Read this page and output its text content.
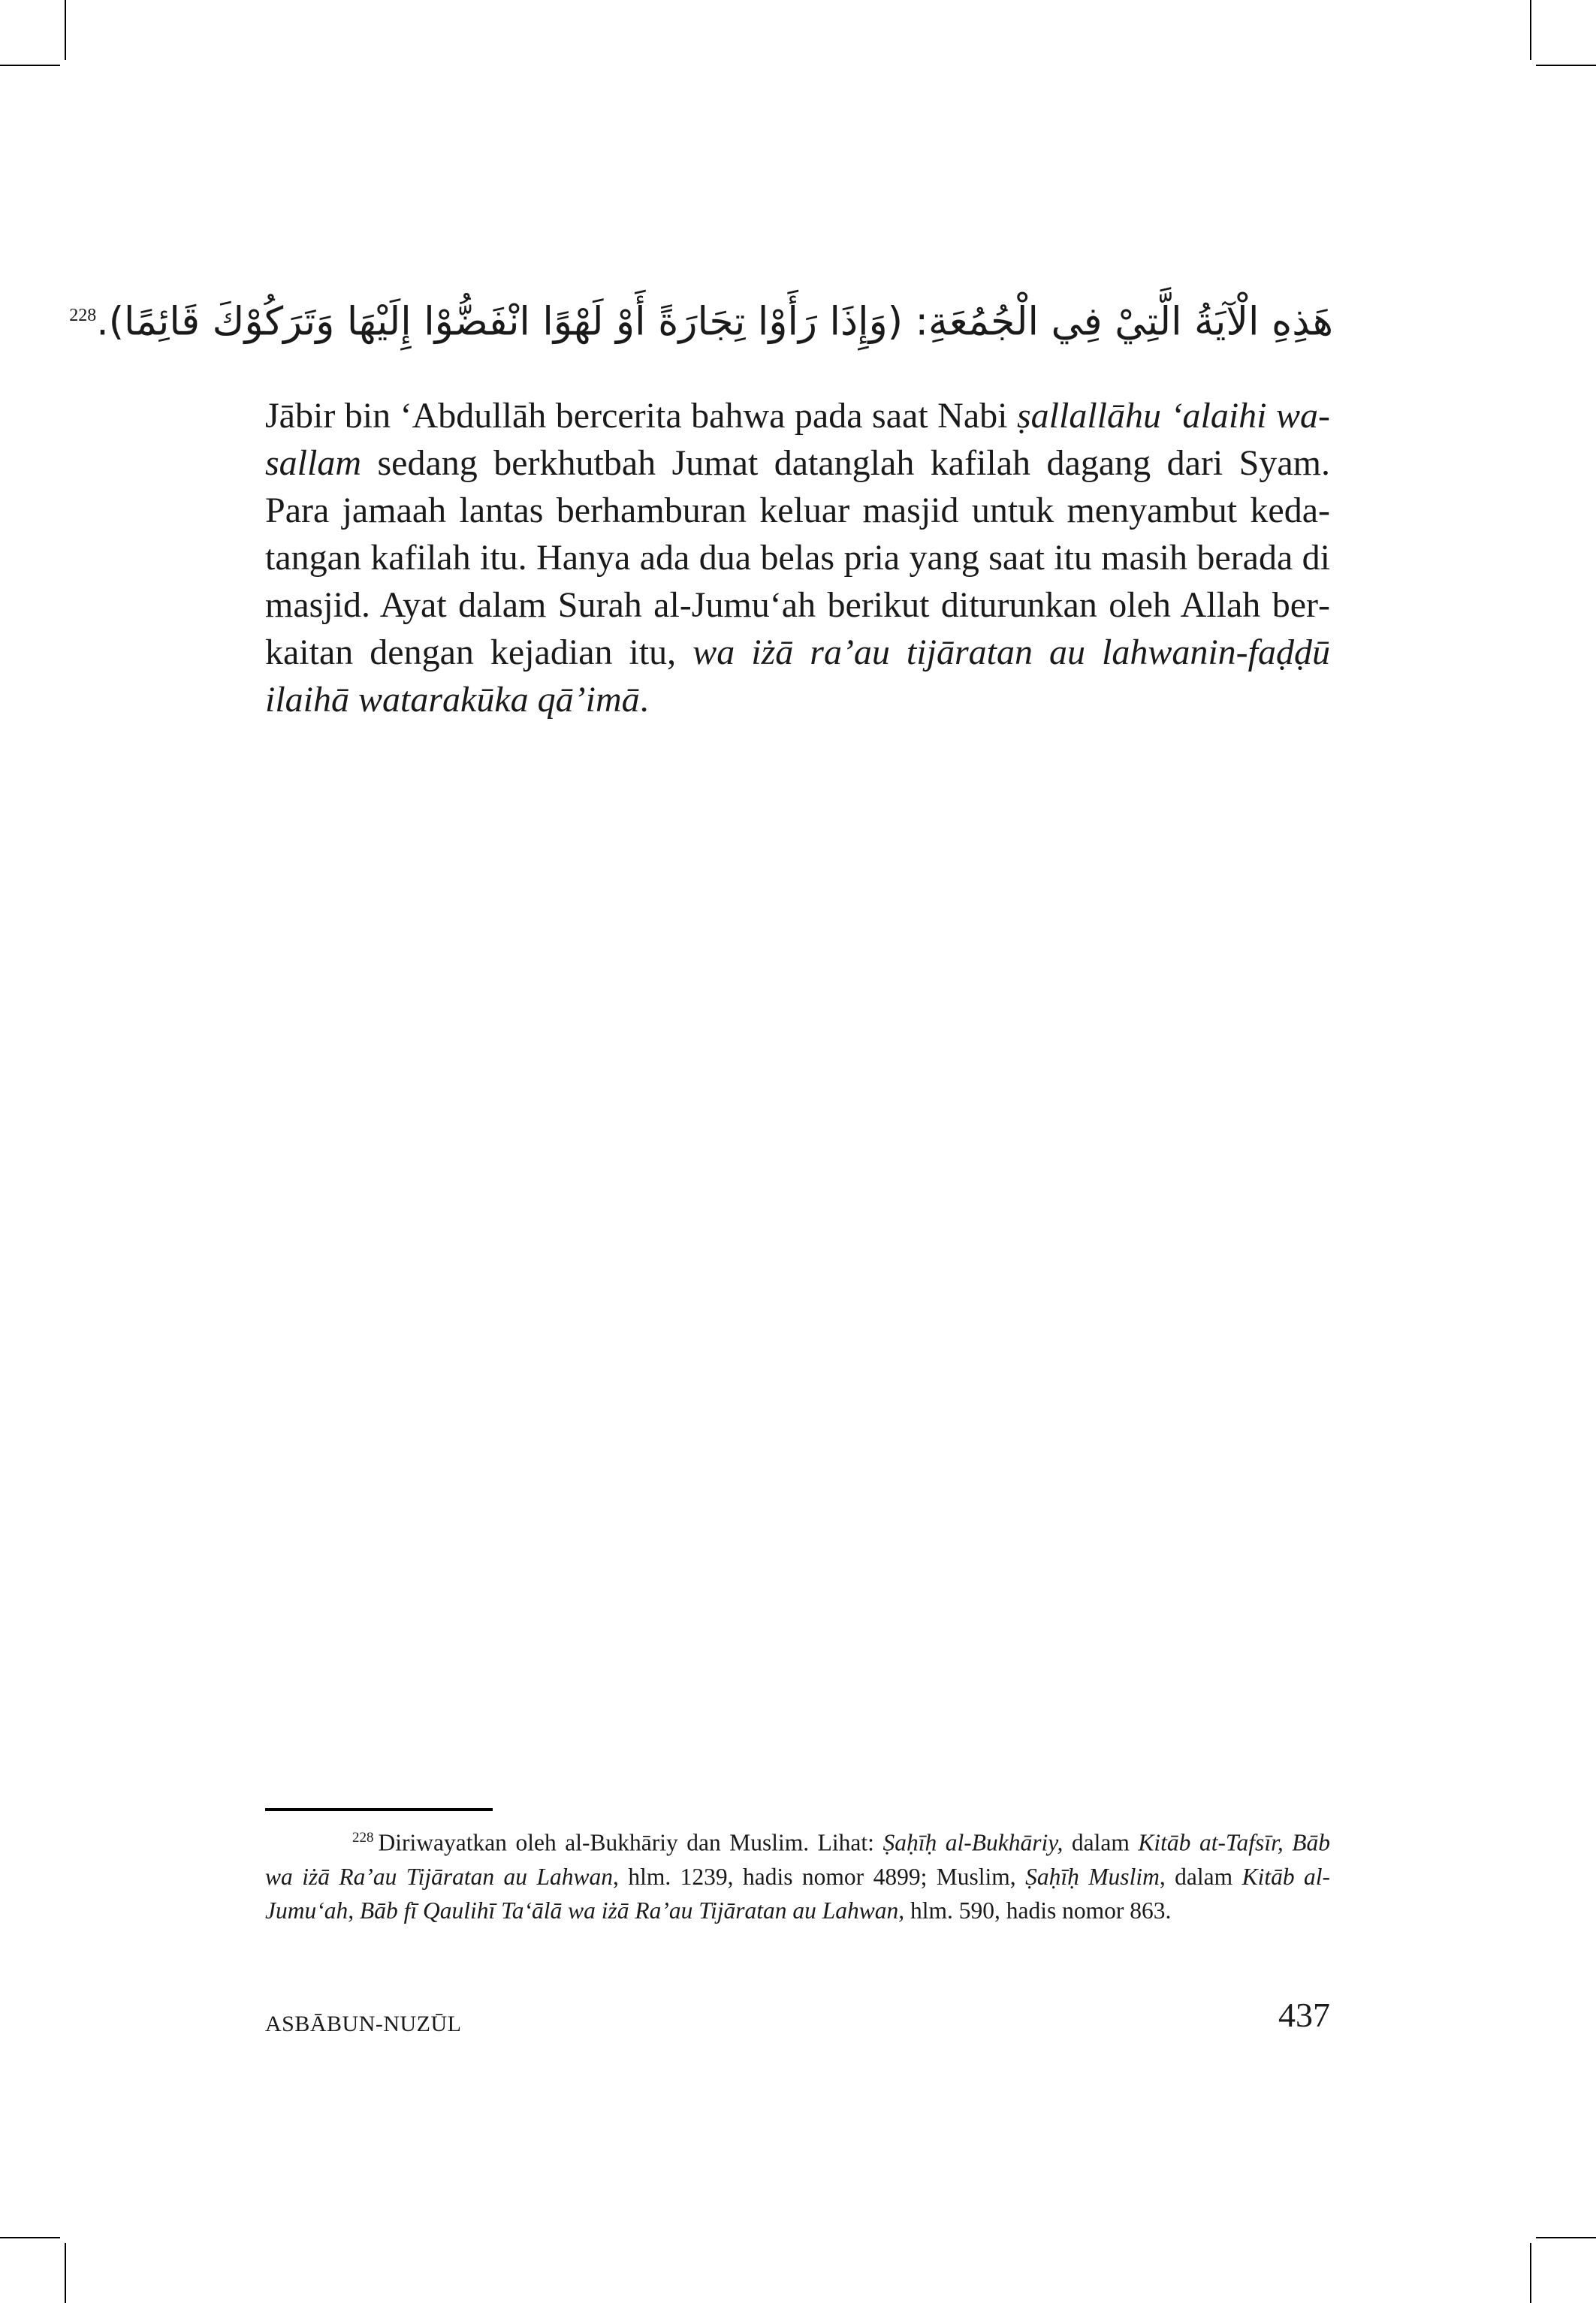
هَذِهِ الْآيَةُ الَّتِيْ فِي الْجُمُعَةِ: (وَإِذَا رَأَوْا تِجَارَةً أَوْ لَهْوًا انْفَضُّوْا إِلَيْهَا وَتَرَكُوْكَ قَائِمًا).$^{228}$

Jābir bin ‘Abdullāh bercerita bahwa pada saat Nabi ṣallallāhu ‘alaihi wa-sallam sedang berkhutbah Jumat datanglah kafilah dagang dari Syam. Para jamaah lantas berhamburan keluar masjid untuk menyambut kedatangan kafilah itu. Hanya ada dua belas pria yang saat itu masih berada di masjid. Ayat dalam Surah al-Jumu‘ah berikut diturunkan oleh Allah berkaitan dengan kejadian itu, wa iżā ra’au tijāratan au lahwanin-faḍḍū ilaihā watarakūka qā’imā.

$^{228}$ Diriwayatkan oleh al-Bukhāriy dan Muslim. Lihat: Ṣaḥīḥ al-Bukhāriy, dalam Kitāb at-Tafsīr, Bāb wa iżā Ra’au Tijāratan au Lahwan, hlm. 1239, hadis nomor 4899; Muslim, Ṣaḥīḥ Muslim, dalam Kitāb al-Jumu‘ah, Bāb fī Qaulihī Ta‘ālā wa iżā Ra’au Tijāratan au Lahwan, hlm. 590, hadis nomor 863.

ASBĀBUN-NUZŪL	437
